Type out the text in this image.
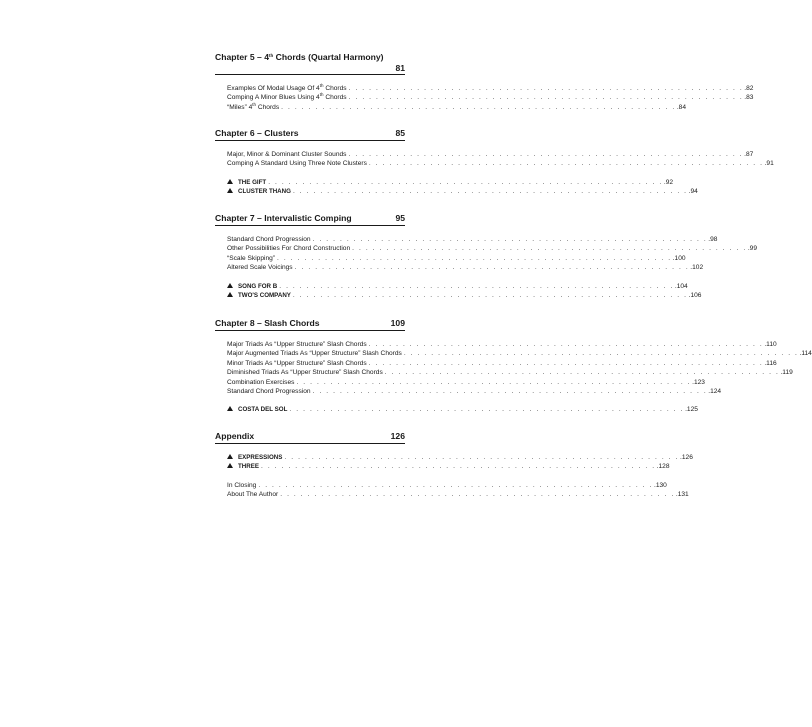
Chapter 5 – 4th Chords (Quartal Harmony)
81
Examples Of Modal Usage Of 4th Chords . . . . . . . . . . . . . . . . . . . . . . . . . . . . . . . . . . . . . . . . . . . . . . . . . . . . . . . . . . .82
Comping A Minor Blues Using 4th Chords . . . . . . . . . . . . . . . . . . . . . . . . . . . . . . . . . . . . . . . . . . . . . . . . . . . . . . . . . . .83
“Miles” 4th Chords . . . . . . . . . . . . . . . . . . . . . . . . . . . . . . . . . . . . . . . . . . . . . . . . . . . . . . . . . . .84
Chapter 6 – Clusters	85
Major, Minor & Dominant Cluster Sounds . . . . . . . . . . . . . . . . . . . . . . . . . . . . . . . . . . . . . . . . . . . . . . . . . . . . . . . . . . .87
Comping A Standard Using Three Note Clusters . . . . . . . . . . . . . . . . . . . . . . . . . . . . . . . . . . . . . . . . . . . . . . . . . . . . . . . . . . .91
THE GIFT . . . . . . . . . . . . . . . . . . . . . . . . . . . . . . . . . . . . . . . . . . . . . . . . . . . . . . . . . . .92
CLUSTER THANG . . . . . . . . . . . . . . . . . . . . . . . . . . . . . . . . . . . . . . . . . . . . . . . . . . . . . . . . . . .94
Chapter 7 – Intervalistic Comping	95
Standard Chord Progression . . . . . . . . . . . . . . . . . . . . . . . . . . . . . . . . . . . . . . . . . . . . . . . . . . . . . . . . . . .98
Other Possibilities For Chord Construction . . . . . . . . . . . . . . . . . . . . . . . . . . . . . . . . . . . . . . . . . . . . . . . . . . . . . . . . . . .99
“Scale Skipping” . . . . . . . . . . . . . . . . . . . . . . . . . . . . . . . . . . . . . . . . . . . . . . . . . . . . . . . . . . .100
Altered Scale Voicings . . . . . . . . . . . . . . . . . . . . . . . . . . . . . . . . . . . . . . . . . . . . . . . . . . . . . . . . . . .102
SONG FOR B . . . . . . . . . . . . . . . . . . . . . . . . . . . . . . . . . . . . . . . . . . . . . . . . . . . . . . . . . . .104
TWO'S COMPANY . . . . . . . . . . . . . . . . . . . . . . . . . . . . . . . . . . . . . . . . . . . . . . . . . . . . . . . . . . .106
Chapter 8 – Slash Chords	109
Major Triads As “Upper Structure” Slash Chords . . . . . . . . . . . . . . . . . . . . . . . . . . . . . . . . . . . . . . . . . . . . . . . . . . . . . . . . . . .110
Major Augmented Triads As “Upper Structure” Slash Chords . . . . . . . . . . . . . . . . . . . . . . . . . . . . . . . . . . . . . . . . . . . . . . . . . . . . . . . . . . .114
Minor Triads As “Upper Structure” Slash Chords . . . . . . . . . . . . . . . . . . . . . . . . . . . . . . . . . . . . . . . . . . . . . . . . . . . . . . . . . . .116
Diminished Triads As “Upper Structure” Slash Chords . . . . . . . . . . . . . . . . . . . . . . . . . . . . . . . . . . . . . . . . . . . . . . . . . . . . . . . . . . .119
Combination Exercises . . . . . . . . . . . . . . . . . . . . . . . . . . . . . . . . . . . . . . . . . . . . . . . . . . . . . . . . . . .123
Standard Chord Progression . . . . . . . . . . . . . . . . . . . . . . . . . . . . . . . . . . . . . . . . . . . . . . . . . . . . . . . . . . .124
COSTA DEL SOL . . . . . . . . . . . . . . . . . . . . . . . . . . . . . . . . . . . . . . . . . . . . . . . . . . . . . . . . . . .125
Appendix	126
EXPRESSIONS . . . . . . . . . . . . . . . . . . . . . . . . . . . . . . . . . . . . . . . . . . . . . . . . . . . . . . . . . . .126
THREE . . . . . . . . . . . . . . . . . . . . . . . . . . . . . . . . . . . . . . . . . . . . . . . . . . . . . . . . . . .128
In Closing . . . . . . . . . . . . . . . . . . . . . . . . . . . . . . . . . . . . . . . . . . . . . . . . . . . . . . . . . . .130
About The Author . . . . . . . . . . . . . . . . . . . . . . . . . . . . . . . . . . . . . . . . . . . . . . . . . . . . . . . . . . .131
